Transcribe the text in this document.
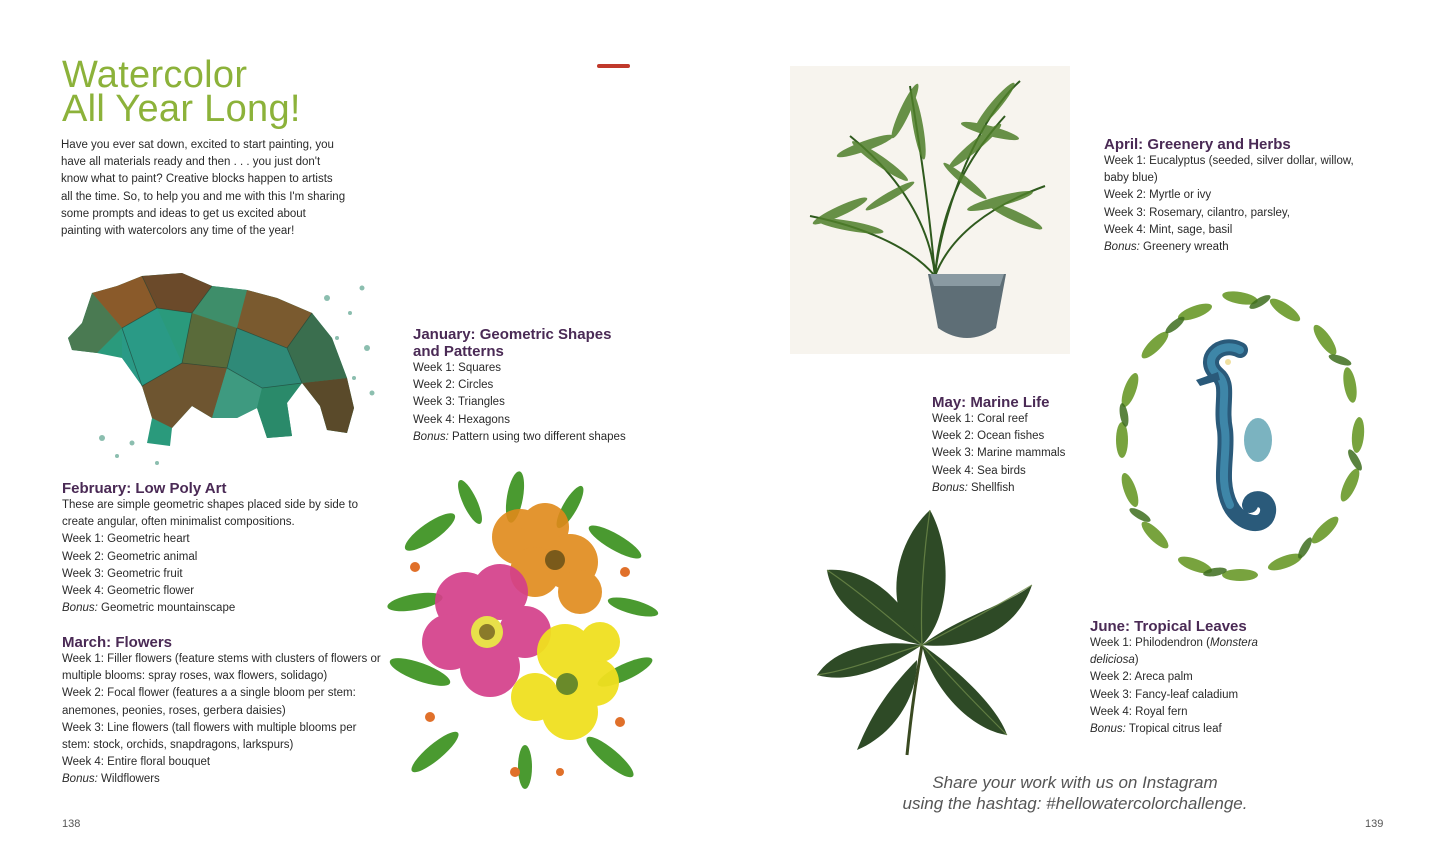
Watercolor
All Year Long!
Have you ever sat down, excited to start painting, you have all materials ready and then . . . you just don't know what to paint? Creative blocks happen to artists all the time. So, to help you and me with this I'm sharing some prompts and ideas to get us excited about painting with watercolors any time of the year!
January: Geometric Shapes
and Patterns

Week 1: Squares

Week 2: Circles

Week 3: Triangles

Week 4: Hexagons

Bonus: Pattern using two different shapes

February: Low Poly Art

These are simple geometric shapes placed side by side to create angular, often minimalist compositions.

Week 1: Geometric heart

Week 2: Geometric animal

Week 3: Geometric fruit

Week 4: Geometric flower

Bonus: Geometric mountainscape

March: Flowers

Week 1: Filler flowers (feature stems with clusters of flowers or multiple blooms: spray roses, wax flowers, solidago)

Week 2: Focal flower (features a a single bloom per stem: anemones, peonies, roses, gerbera daisies)

Week 3: Line flowers (tall flowers with multiple blooms per stem: stock, orchids, snapdragons, larkspurs)

Week 4: Entire floral bouquet

Bonus: Wildflowers

April: Greenery and Herbs

Week 1: Eucalyptus (seeded, silver dollar, willow, baby blue)

Week 2: Myrtle or ivy

Week 3: Rosemary, cilantro, parsley,

Week 4: Mint, sage, basil

Bonus: Greenery wreath

May: Marine Life

Week 1: Coral reef

Week 2: Ocean fishes

Week 3: Marine mammals

Week 4: Sea birds

Bonus: Shellfish

June: Tropical Leaves

Week 1: Philodendron (Monstera deliciosa)

Week 2: Areca palm

Week 3: Fancy-leaf caladium

Week 4: Royal fern

Bonus: Tropical citrus leaf

Share your work with us on Instagram
using the hashtag: #hellowatercolorchallenge.
138	139
